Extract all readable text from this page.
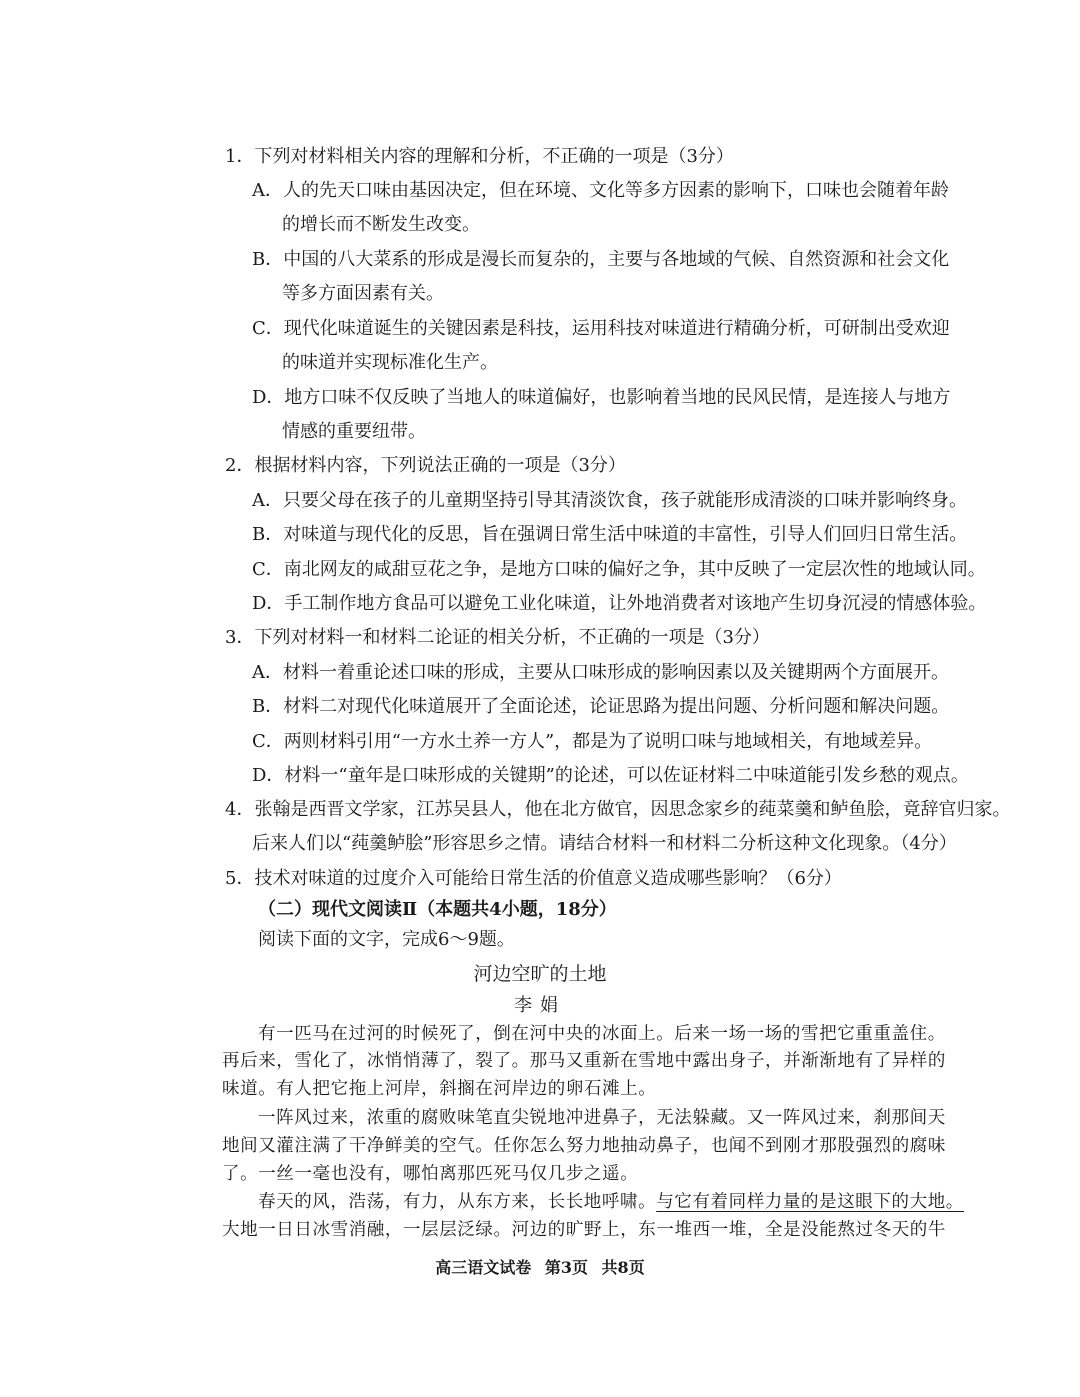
1．下列对材料相关内容的理解和分析，不正确的一项是（3分）
A．人的先天口味由基因决定，但在环境、文化等多方因素的影响下，口味也会随着年龄
的增长而不断发生改变。
B．中国的八大菜系的形成是漫长而复杂的，主要与各地域的气候、自然资源和社会文化
等多方面因素有关。
C．现代化味道诞生的关键因素是科技，运用科技对味道进行精确分析，可研制出受欢迎
的味道并实现标准化生产。
D．地方口味不仅反映了当地人的味道偏好，也影响着当地的民风民情，是连接人与地方
情感的重要纽带。
2．根据材料内容，下列说法正确的一项是（3分）
A．只要父母在孩子的儿童期坚持引导其清淡饮食，孩子就能形成清淡的口味并影响终身。
B．对味道与现代化的反思，旨在强调日常生活中味道的丰富性，引导人们回归日常生活。
C．南北网友的咸甜豆花之争，是地方口味的偏好之争，其中反映了一定层次性的地域认同。
D．手工制作地方食品可以避免工业化味道，让外地消费者对该地产生切身沉浸的情感体验。
3．下列对材料一和材料二论证的相关分析，不正确的一项是（3分）
A．材料一着重论述口味的形成，主要从口味形成的影响因素以及关键期两个方面展开。
B．材料二对现代化味道展开了全面论述，论证思路为提出问题、分析问题和解决问题。
C．两则材料引用“一方水土养一方人”，都是为了说明口味与地域相关，有地域差异。
D．材料一“童年是口味形成的关键期”的论述，可以佐证材料二中味道能引发乡愁的观点。
4．张翰是西晋文学家，江苏吴县人，他在北方做官，因思念家乡的莼菜羹和鲈鱼脍，竟辞官归家。
后来人们以“莼羹鲈脍”形容思乡之情。请结合材料一和材料二分析这种文化现象。（4分）
5．技术对味道的过度介入可能给日常生活的价值意义造成哪些影响？（6分）
（二）现代文阅读Ⅱ（本题共4小题，18分）
阅读下面的文字，完成6～9题。
河边空旷的土地
李娟
有一匹马在过河的时候死了，倒在河中央的冰面上。后来一场一场的雪把它重重盖住。
再后来，雪化了，冰悄悄薄了，裂了。那马又重新在雪地中露出身子，并渐渐地有了异样的
味道。有人把它拖上河岸，斜搁在河岸边的卵石滩上。
一阵风过来，浓重的腐败味笔直尖锐地冲进鼻子，无法躲藏。又一阵风过来，刹那间天
地间又灌注满了干净鲜美的空气。任你怎么努力地抽动鼻子，也闻不到刚才那股强烈的腐味
了。一丝一毫也没有，哪怕离那匹死马仅几步之遥。
春天的风，浩荡，有力，从东方来，长长地呼啸。与它有着同样力量的是这眼下的大地。
大地一日日冰雪消融，一层层泛绿。河边的旷野上，东一堆西一堆，全是没能熬过冬天的牛
高三语文试卷 第3页 共8页
